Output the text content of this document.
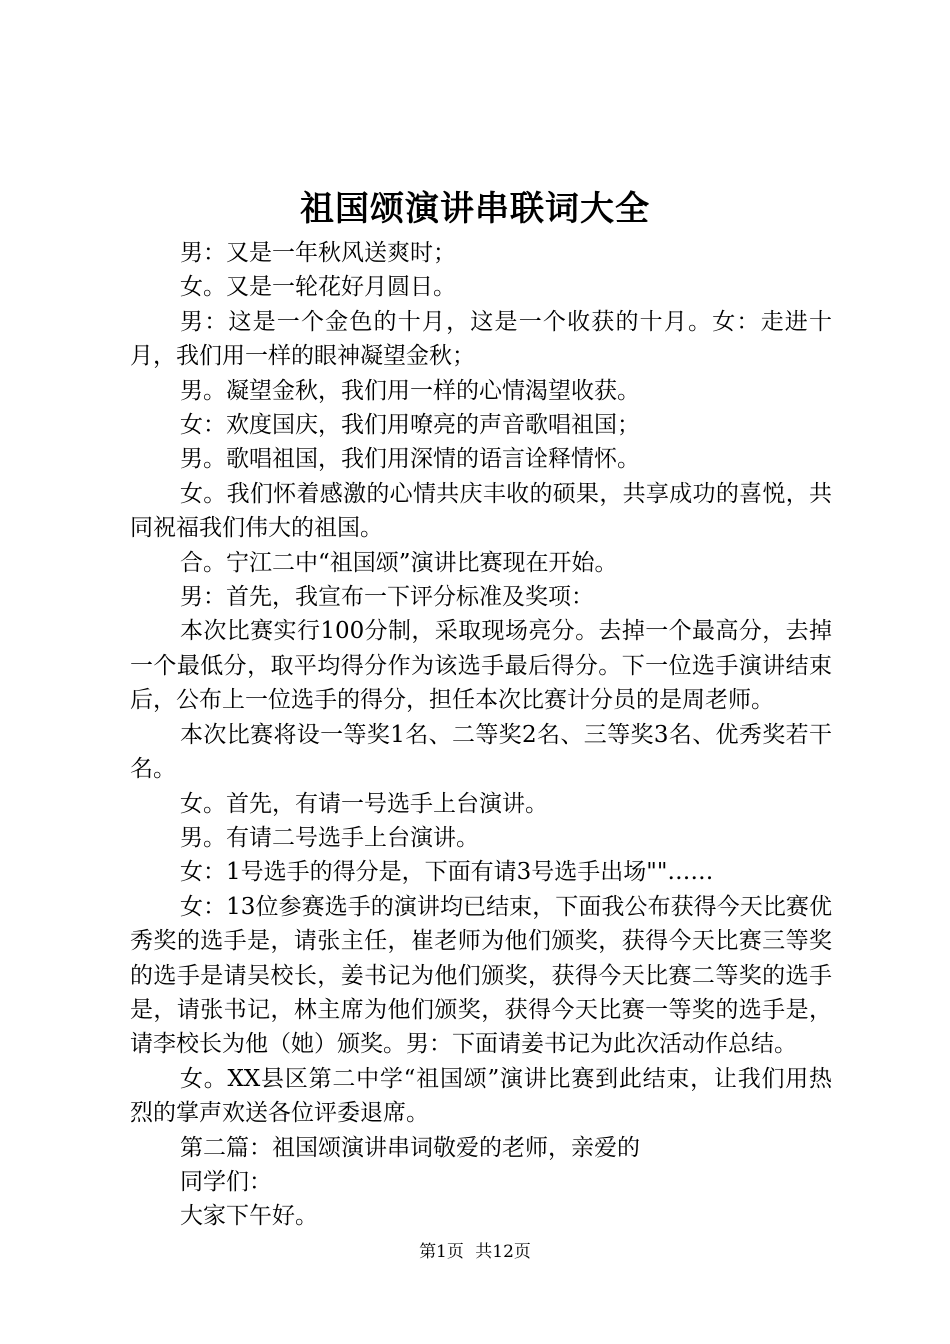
祖国颂演讲串联词大全

男：又是一年秋风送爽时；

女。又是一轮花好月圆日。

男：这是一个金色的十月，这是一个收获的十月。女：走进十月，我们用一样的眼神凝望金秋；

男。凝望金秋，我们用一样的心情渴望收获。

女：欢度国庆，我们用嘹亮的声音歌唱祖国；

男。歌唱祖国，我们用深情的语言诠释情怀。

女。我们怀着感激的心情共庆丰收的硕果，共享成功的喜悦，共同祝福我们伟大的祖国。

合。宁江二中“祖国颂”演讲比赛现在开始。

男：首先，我宣布一下评分标准及奖项：

本次比赛实行100分制，采取现场亮分。去掉一个最高分，去掉一个最低分，取平均得分作为该选手最后得分。下一位选手演讲结束后，公布上一位选手的得分，担任本次比赛计分员的是周老师。

本次比赛将设一等奖1名、二等奖2名、三等奖3名、优秀奖若干名。

女。首先，有请一号选手上台演讲。

男。有请二号选手上台演讲。

女：1号选手的得分是，下面有请3号选手出场""……

女：13位参赛选手的演讲均已结束，下面我公布获得今天比赛优秀奖的选手是，请张主任，崔老师为他们颁奖，获得今天比赛三等奖的选手是请吴校长，姜书记为他们颁奖，获得今天比赛二等奖的选手是，请张书记，林主席为他们颁奖，获得今天比赛一等奖的选手是，请李校长为他（她）颁奖。男：下面请姜书记为此次活动作总结。

女。XX县区第二中学“祖国颂”演讲比赛到此结束，让我们用热烈的掌声欢送各位评委退席。

第二篇：祖国颂演讲串词敬爱的老师，亲爱的

同学们：

大家下午好。

第1页 共12页
